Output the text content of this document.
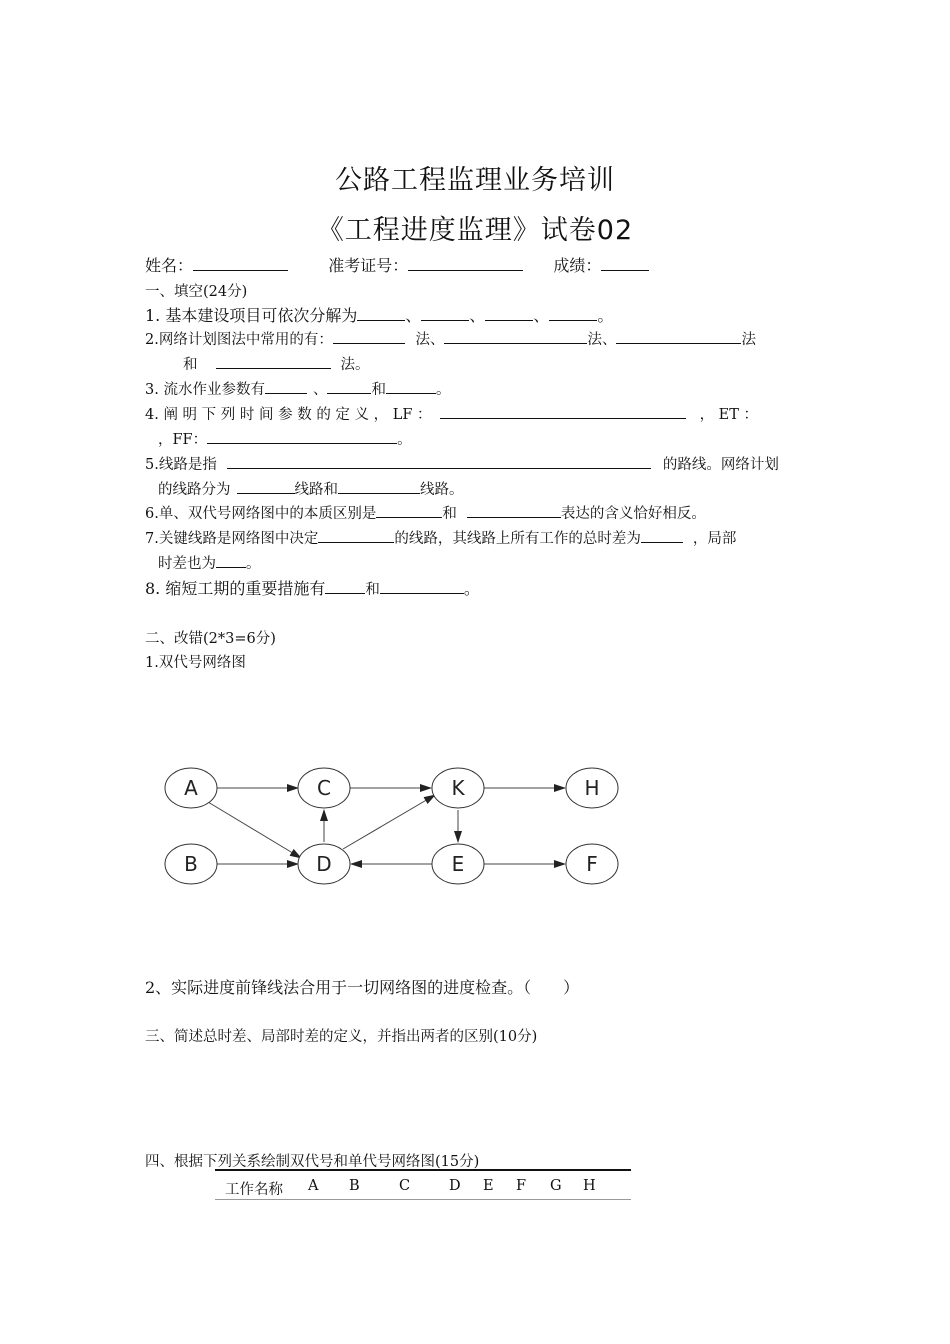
公路工程监理业务培训
《工程进度监理》试卷02
姓名：	准考证号：	成绩：
一、填空(24分)
1. 基本建设项目可依次分解为	、	、	、	。
2.网络计划图法中常用的有：	法、	法、	法
和	法。
3. 流水作业参数有	、	和	。
4. 阐 明 下 列 时 间 参 数 的 定 义 ， LF ：	， ET ：
，FF：	。
5.线路是指	的路线。网络计划
的线路分为	线路和	线路。
6.单、双代号网络图中的本质区别是	和	表达的含义恰好相反。
7.关键线路是网络图中决定	的线路，其线路上所有工作的总时差为	，局部
时差也为 。
8. 缩短工期的重要措施有	和	。
二、改错(2*3=6分)
1.双代号网络图
A
B
C
D
K
E
H
F
2、实际进度前锋线法合用于一切网络图的进度检查。（　　）
三、简述总时差、局部时差的定义，并指出两者的区别(10分)
四、根据下列关系绘制双代号和单代号网络图(15分)
工作名称 A B	C	D E F G H
